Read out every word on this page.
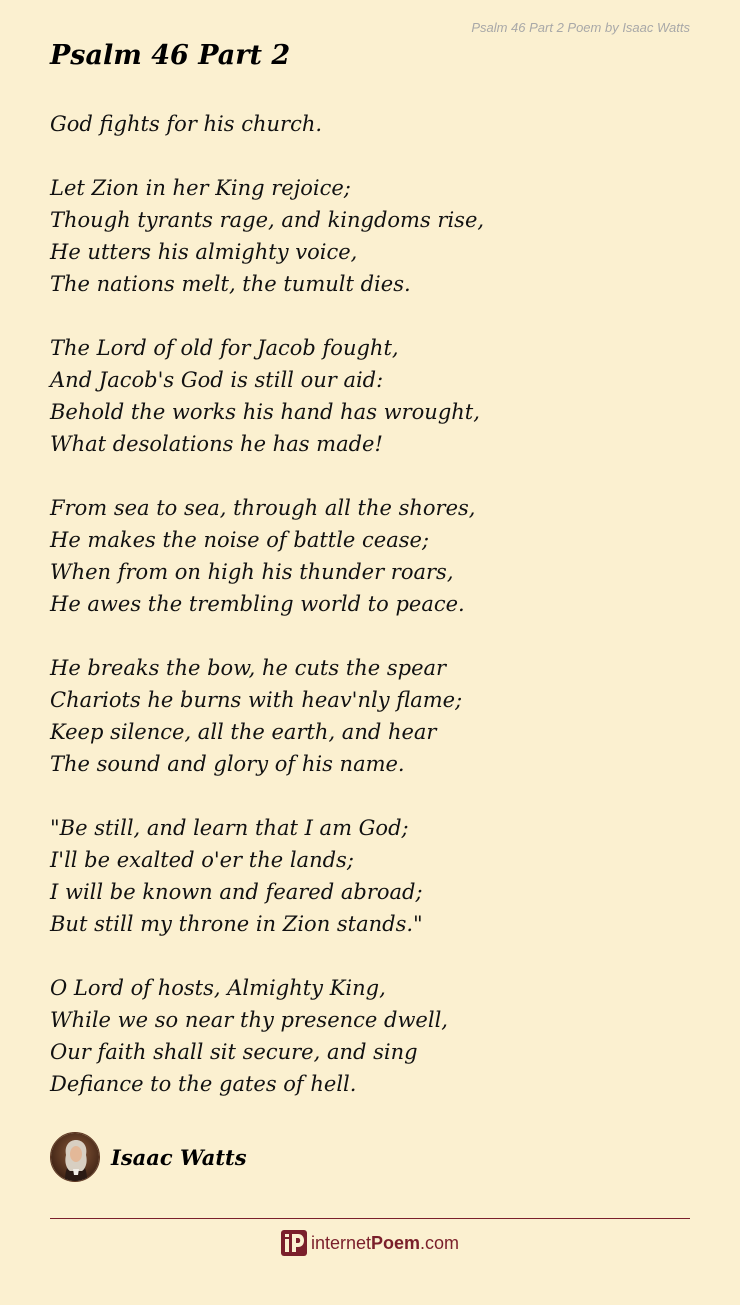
Psalm 46 Part 2 Poem by Isaac Watts
Psalm 46 Part 2
God fights for his church.
Let Zion in her King rejoice;
Though tyrants rage, and kingdoms rise,
He utters his almighty voice,
The nations melt, the tumult dies.
The Lord of old for Jacob fought,
And Jacob's God is still our aid:
Behold the works his hand has wrought,
What desolations he has made!
From sea to sea, through all the shores,
He makes the noise of battle cease;
When from on high his thunder roars,
He awes the trembling world to peace.
He breaks the bow, he cuts the spear
Chariots he burns with heav'nly flame;
Keep silence, all the earth, and hear
The sound and glory of his name.
"Be still, and learn that I am God;
I'll be exalted o'er the lands;
I will be known and feared abroad;
But still my throne in Zion stands."
O Lord of hosts, Almighty King,
While we so near thy presence dwell,
Our faith shall sit secure, and sing
Defiance to the gates of hell.
Isaac Watts
internetPoem.com
